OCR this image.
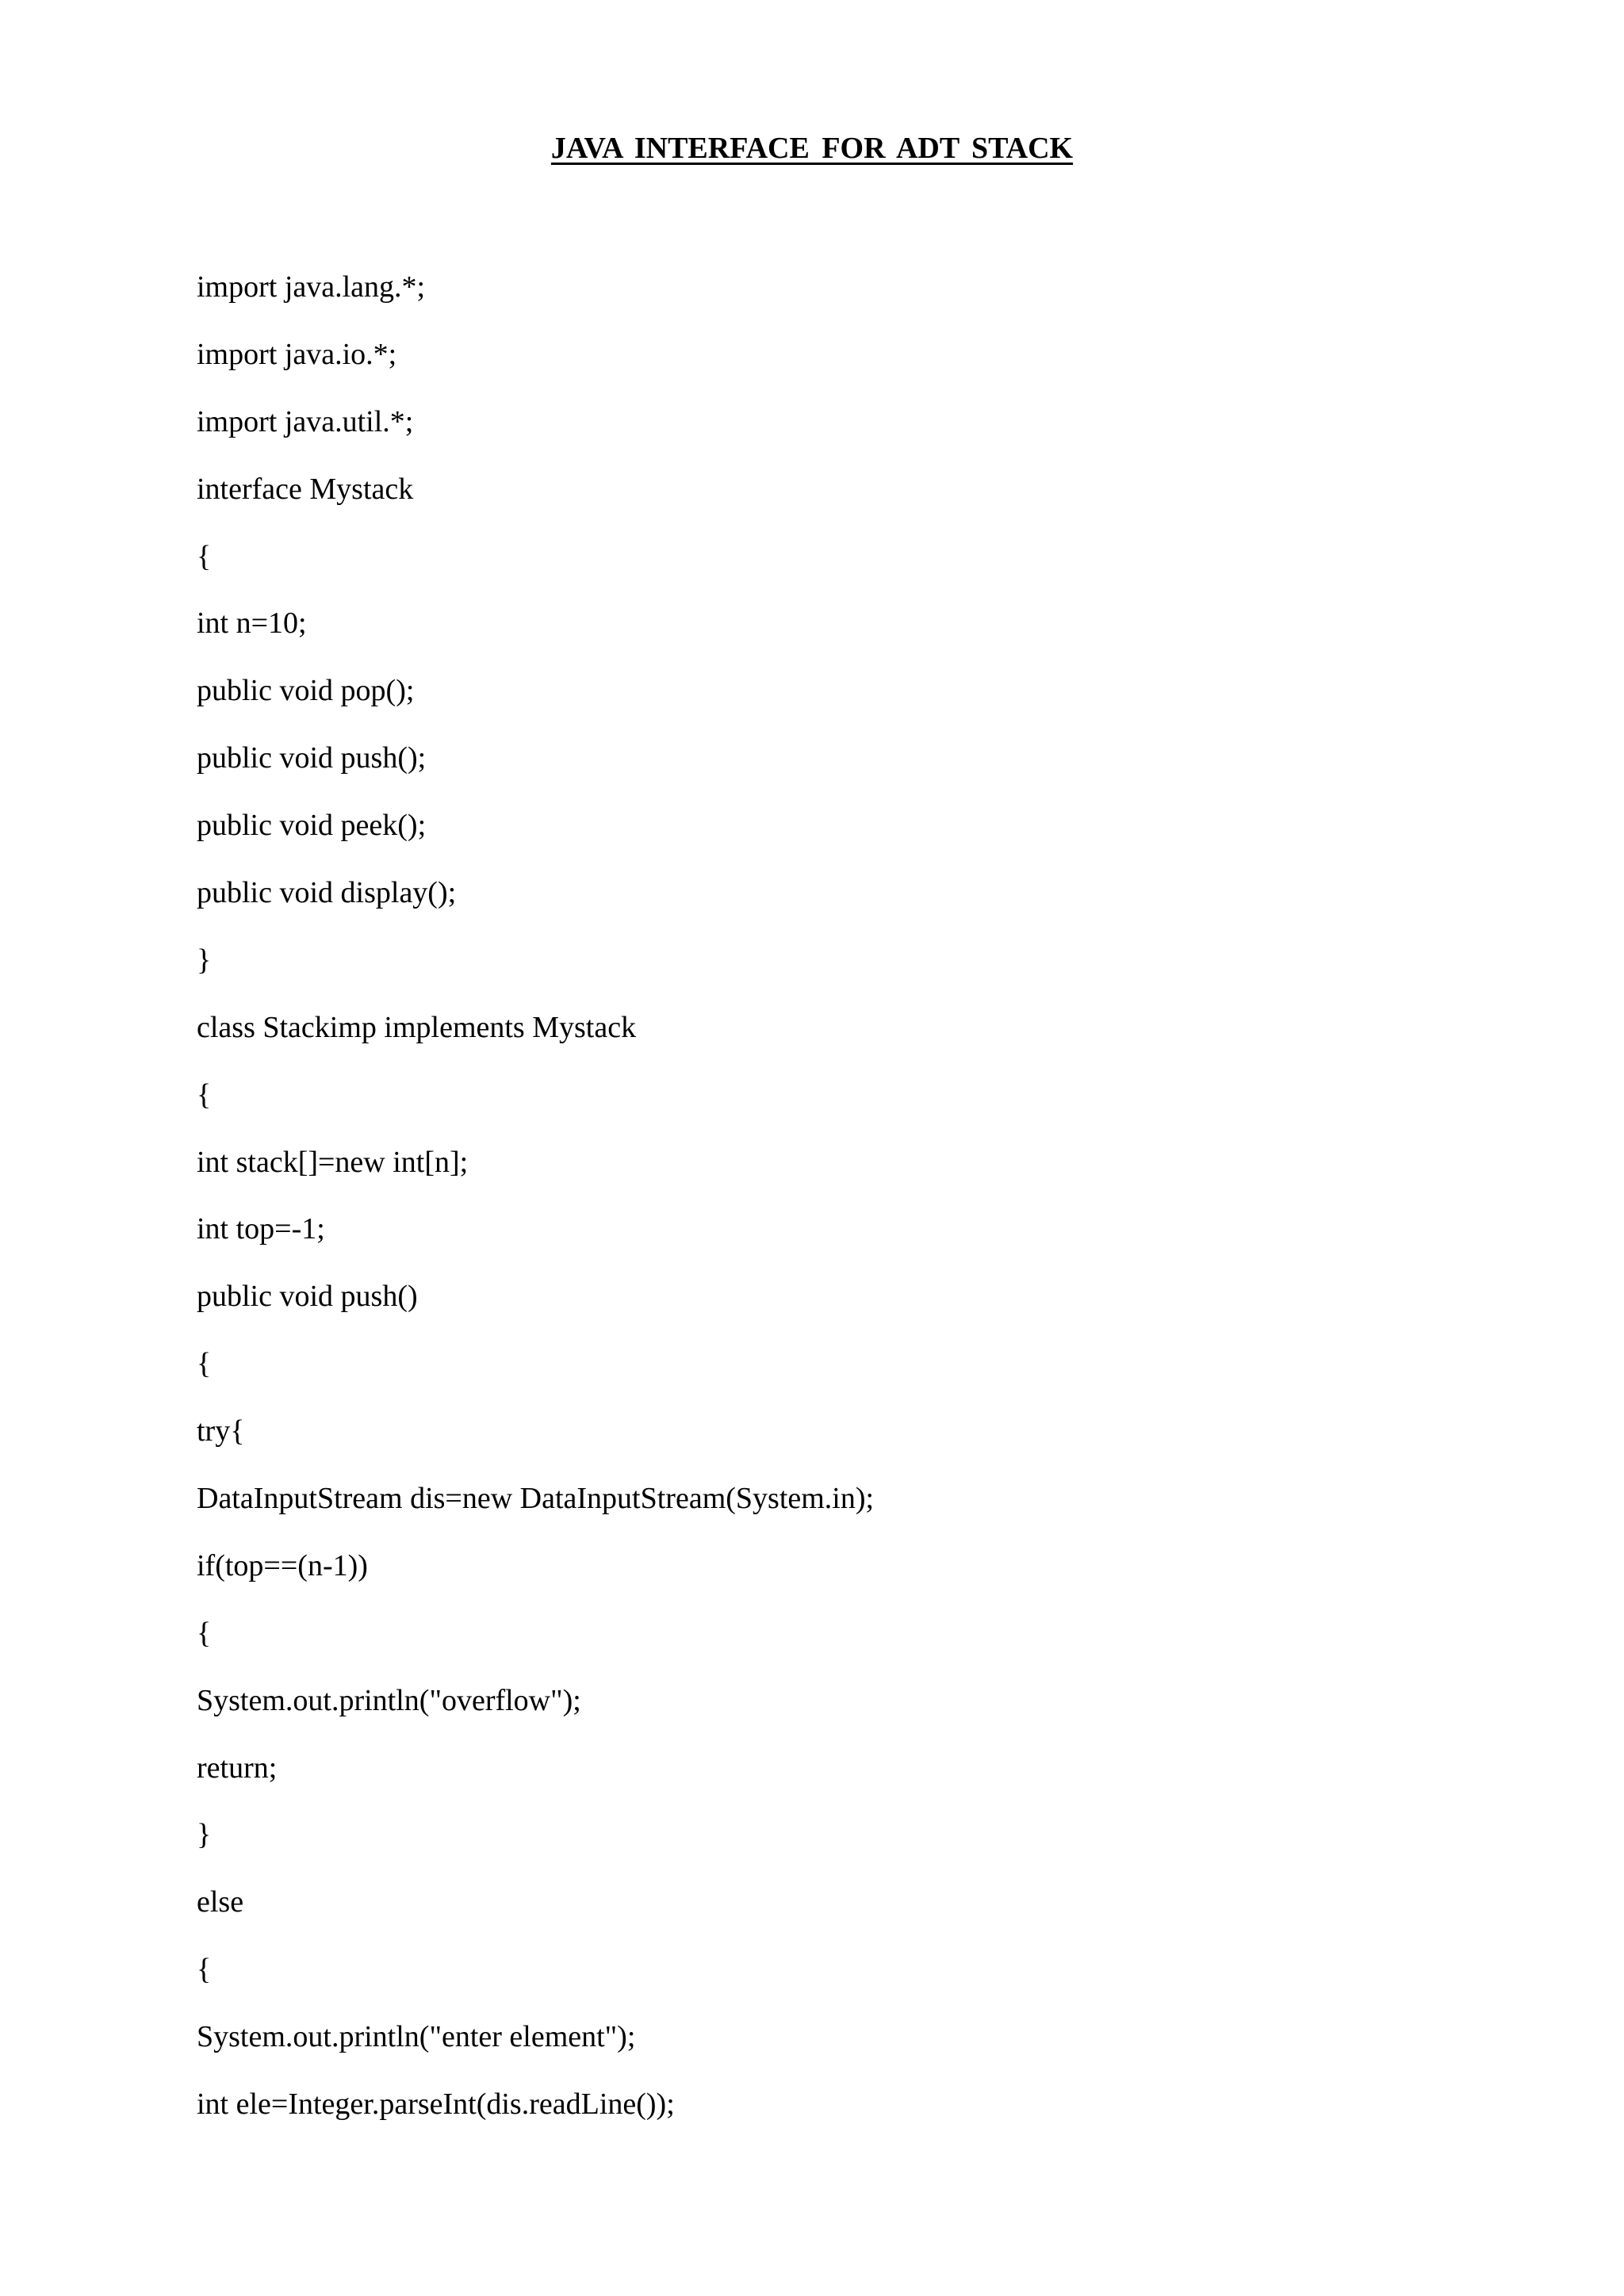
JAVA INTERFACE FOR ADT STACK
import java.lang.*;
import java.io.*;
import java.util.*;
interface Mystack
{
int n=10;
public void pop();
public void push();
public void peek();
public void display();
}
class Stackimp implements Mystack
{
int stack[]=new int[n];
int top=-1;
public void push()
{
try{
DataInputStream dis=new DataInputStream(System.in);
if(top==(n-1))
{
System.out.println("overflow");
return;
}
else
{
System.out.println("enter element");
int ele=Integer.parseInt(dis.readLine());
